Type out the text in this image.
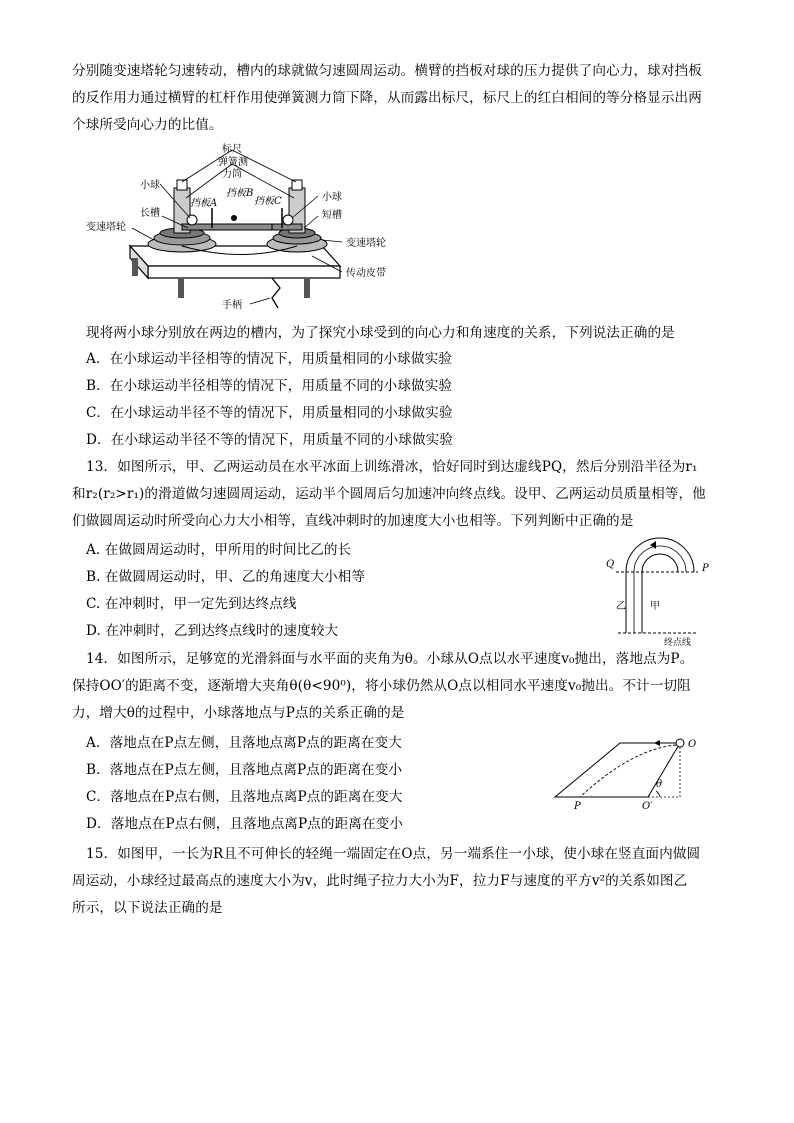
分别随变速塔轮匀速转动，槽内的球就做匀速圆周运动。横臂的挡板对球的压力提供了向心力，球对挡板
的反作用力通过横臂的杠杆作用使弹簧测力筒下降，从而露出标尺，标尺上的红白相间的等分格显示出两
个球所受向心力的比值。
标尺
弹簧测
力筒
小球
挡板B
挡板A	挡板C	小球
长槽	短槽
变速塔轮
变速塔轮
传动皮带
手柄
现将两小球分别放在两边的槽内，为了探究小球受到的向心力和角速度的关系，下列说法正确的是
A．在小球运动半径相等的情况下，用质量相同的小球做实验
B．在小球运动半径相等的情况下，用质量不同的小球做实验
C．在小球运动半径不等的情况下，用质量相同的小球做实验
D．在小球运动半径不等的情况下，用质量不同的小球做实验
13．如图所示，甲、乙两运动员在水平冰面上训练滑冰，恰好同时到达虚线PQ，然后分别沿半径为r₁
和r₂(r₂>r₁)的滑道做匀速圆周运动，运动半个圆周后匀加速冲向终点线。设甲、乙两运动员质量相等，他
们做圆周运动时所受向心力大小相等，直线冲刺时的加速度大小也相等。下列判断中正确的是
A. 在做圆周运动时，甲所用的时间比乙的长
B. 在做圆周运动时，甲、乙的角速度大小相等
C. 在冲刺时，甲一定先到达终点线
D. 在冲刺时，乙到达终点线时的速度较大
Q	P
乙 甲
终点线
14．如图所示，足够宽的光滑斜面与水平面的夹角为θ。小球从O点以水平速度v₀抛出，落地点为P。
保持OO′的距离不变，逐渐增大夹角θ(θ<90⁰)，将小球仍然从O点以相同水平速度v₀抛出。不计一切阻
力，增大θ的过程中，小球落地点与P点的关系正确的是
A．落地点在P点左侧，且落地点离P点的距离在变大
B．落地点在P点左侧，且落地点离P点的距离在变小
C．落地点在P点右侧，且落地点离P点的距离在变大
D．落地点在P点右侧，且落地点离P点的距离在变小
O
P	O′
θ
15．如图甲，一长为R且不可伸长的轻绳一端固定在O点，另一端系住一小球，使小球在竖直面内做圆
周运动，小球经过最高点的速度大小为v，此时绳子拉力大小为F，拉力F与速度的平方v²的关系如图乙
所示，以下说法正确的是
